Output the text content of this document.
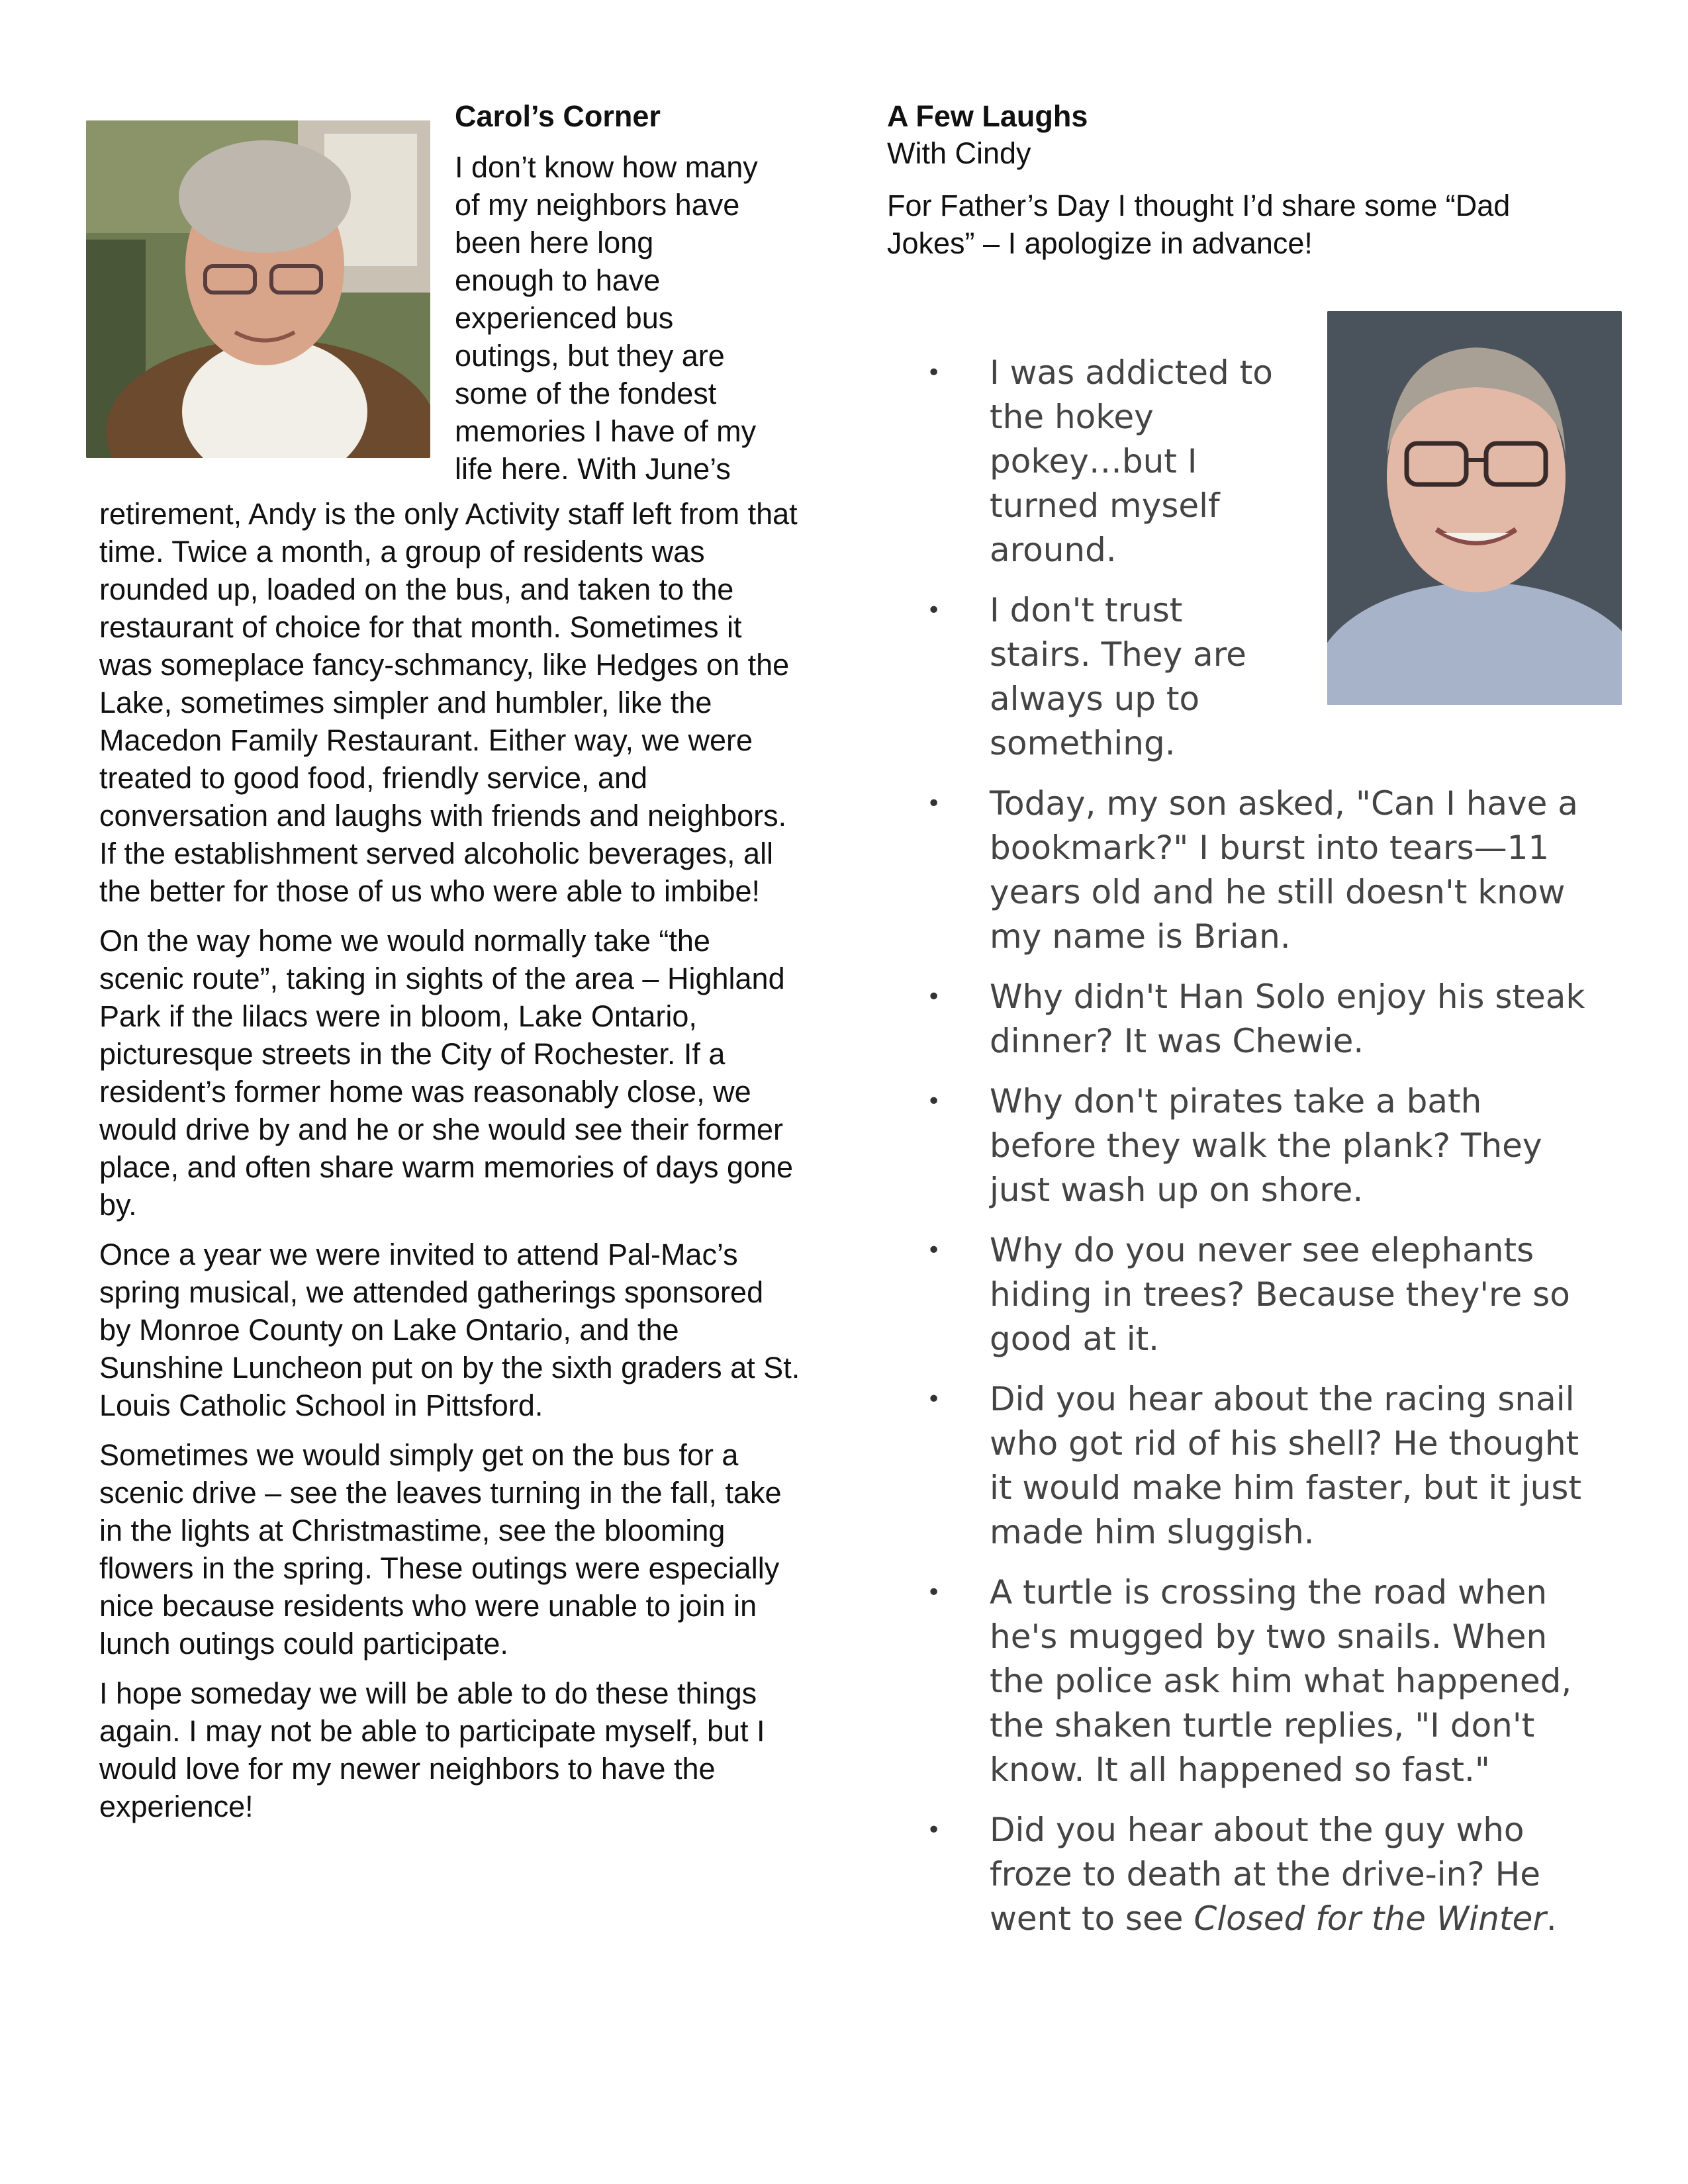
Carol’s Corner
I don’t know how many
of my neighbors have
been here long
enough to have
experienced bus
outings, but they are
some of the fondest
memories I have of my
life here. With June’s

retirement, Andy is the only Activity staff left from that time. Twice a month, a group of residents was rounded up, loaded on the bus, and taken to the restaurant of choice for that month. Sometimes it was someplace fancy-schmancy, like Hedges on the Lake, sometimes simpler and humbler, like the Macedon Family Restaurant. Either way, we were treated to good food, friendly service, and conversation and laughs with friends and neighbors. If the establishment served alcoholic beverages, all the better for those of us who were able to imbibe!

On the way home we would normally take “the scenic route”, taking in sights of the area – Highland Park if the lilacs were in bloom, Lake Ontario, picturesque streets in the City of Rochester. If a resident’s former home was reasonably close, we would drive by and he or she would see their former place, and often share warm memories of days gone by.

Once a year we were invited to attend Pal-Mac’s spring musical, we attended gatherings sponsored by Monroe County on Lake Ontario, and the Sunshine Luncheon put on by the sixth graders at St. Louis Catholic School in Pittsford.

Sometimes we would simply get on the bus for a scenic drive – see the leaves turning in the fall, take in the lights at Christmastime, see the blooming flowers in the spring. These outings were especially nice because residents who were unable to join in lunch outings could participate.

I hope someday we will be able to do these things again. I may not be able to participate myself, but I would love for my newer neighbors to have the experience!

A Few Laughs
With Cindy

For Father’s Day I thought I’d share some “Dad Jokes” – I apologize in advance!

• I was addicted to the hokey pokey…but I turned myself around.
• I don't trust stairs. They are always up to something.
• Today, my son asked, "Can I have a bookmark?" I burst into tears—11 years old and he still doesn't know my name is Brian.
• Why didn't Han Solo enjoy his steak dinner? It was Chewie.
• Why don't pirates take a bath before they walk the plank? They just wash up on shore.
• Why do you never see elephants hiding in trees? Because they're so good at it.
• Did you hear about the racing snail who got rid of his shell? He thought it would make him faster, but it just made him sluggish.
• A turtle is crossing the road when he's mugged by two snails. When the police ask him what happened, the shaken turtle replies, "I don't know. It all happened so fast."
• Did you hear about the guy who froze to death at the drive-in? He went to see Closed for the Winter.
